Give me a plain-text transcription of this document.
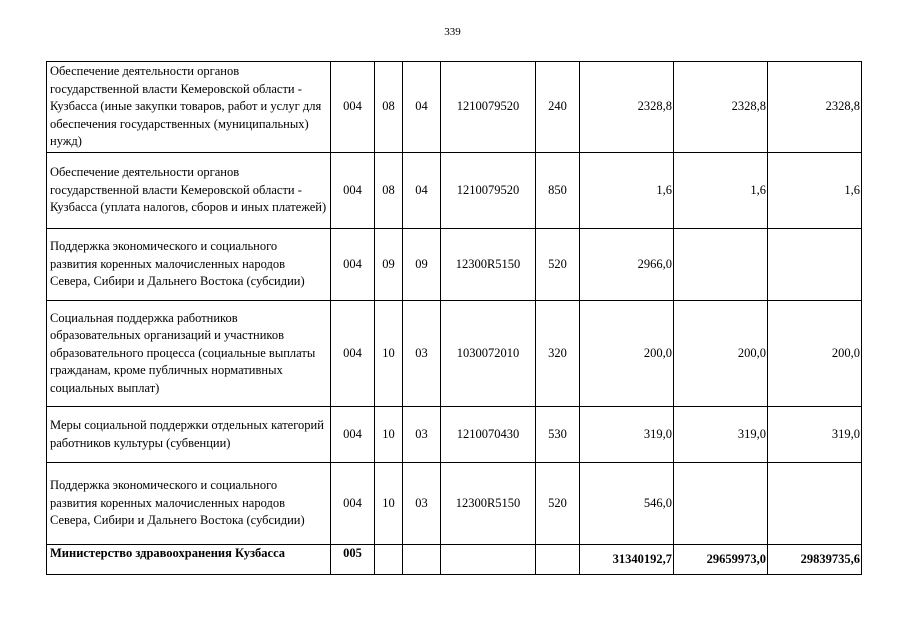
339
Обеспечение деятельности органов государственной власти Кемеровской области - Кузбасса (иные закупки товаров, работ и услуг для обеспечения государственных (муниципальных) нужд)	004	08	04	1210079520	240	2328,8	2328,8	2328,8
Обеспечение деятельности органов государственной власти Кемеровской области - Кузбасса (уплата налогов, сборов и иных платежей)	004	08	04	1210079520	850	1,6	1,6	1,6
Поддержка экономического и социального развития коренных малочисленных народов Севера, Сибири и Дальнего Востока (субсидии)	004	09	09	12300R5150	520	2966,0		
Социальная поддержка работников образовательных организаций и участников образовательного процесса (социальные выплаты гражданам, кроме публичных нормативных социальных выплат)	004	10	03	1030072010	320	200,0	200,0	200,0
Меры социальной поддержки отдельных категорий работников культуры (субвенции)	004	10	03	1210070430	530	319,0	319,0	319,0
Поддержка экономического и социального развития коренных малочисленных народов Севера, Сибири и Дальнего Востока (субсидии)	004	10	03	12300R5150	520	546,0		
Министерство здравоохранения Кузбасса	005					31340192,7	29659973,0	29839735,6
